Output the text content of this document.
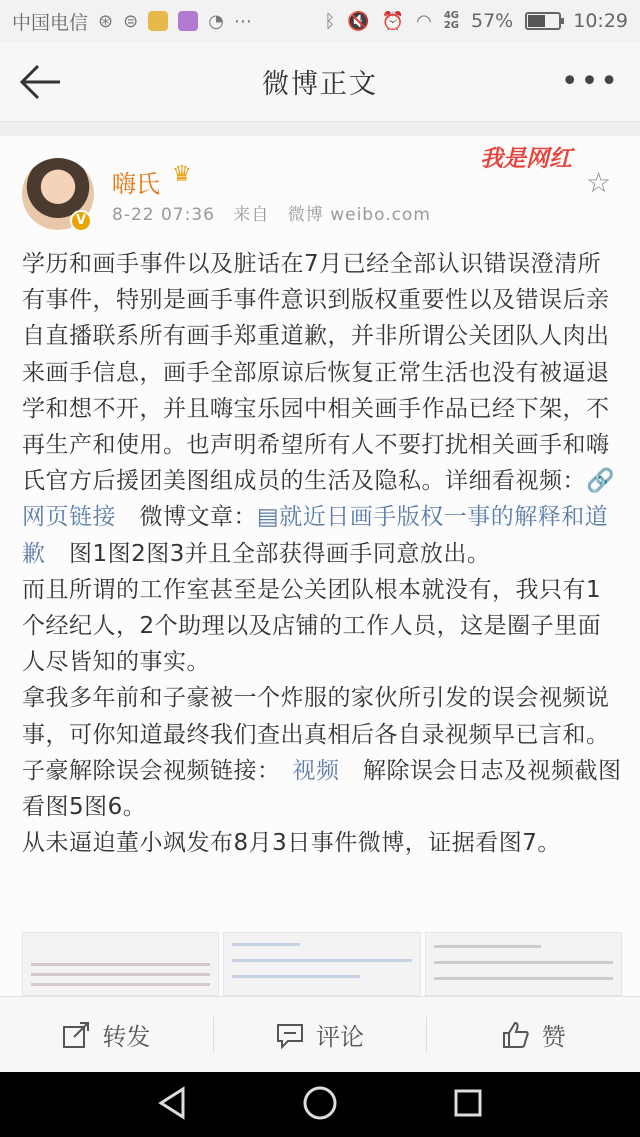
中国电信 ⊛ ⊜	◔ ⋯	ᛒ 🔇 ⏰ ◠ 4G
2G 57%	10:29
微博正文	•••
V
嗨氏 ♛
8-22 07:36 来自 微博 weibo.com
我是网红
☆

学历和画手事件以及脏话在7月已经全部认识错误澄清所有事件，特别是画手事件意识到版权重要性以及错误后亲自直播联系所有画手郑重道歉，并非所谓公关团队人肉出来画手信息，画手全部原谅后恢复正常生活也没有被逼退学和想不开，并且嗨宝乐园中相关画手作品已经下架，不再生产和使用。也声明希望所有人不要打扰相关画手和嗨氏官方后援团美图组成员的生活及隐私。详细看视频：🔗网页链接　微博文章：▤就近日画手版权一事的解释和道歉　图1图2图3并且全部获得画手同意放出。

而且所谓的工作室甚至是公关团队根本就没有，我只有1个经纪人，2个助理以及店铺的工作人员，这是圈子里面人尽皆知的事实。

拿我多年前和子豪被一个炸服的家伙所引发的误会视频说事，可你知道最终我们查出真相后各自录视频早已言和。子豪解除误会视频链接：　 视频　 解除误会日志及视频截图看图5图6。

从未逼迫董小飒发布8月3日事件微博，证据看图7。

转发	评论	赞
